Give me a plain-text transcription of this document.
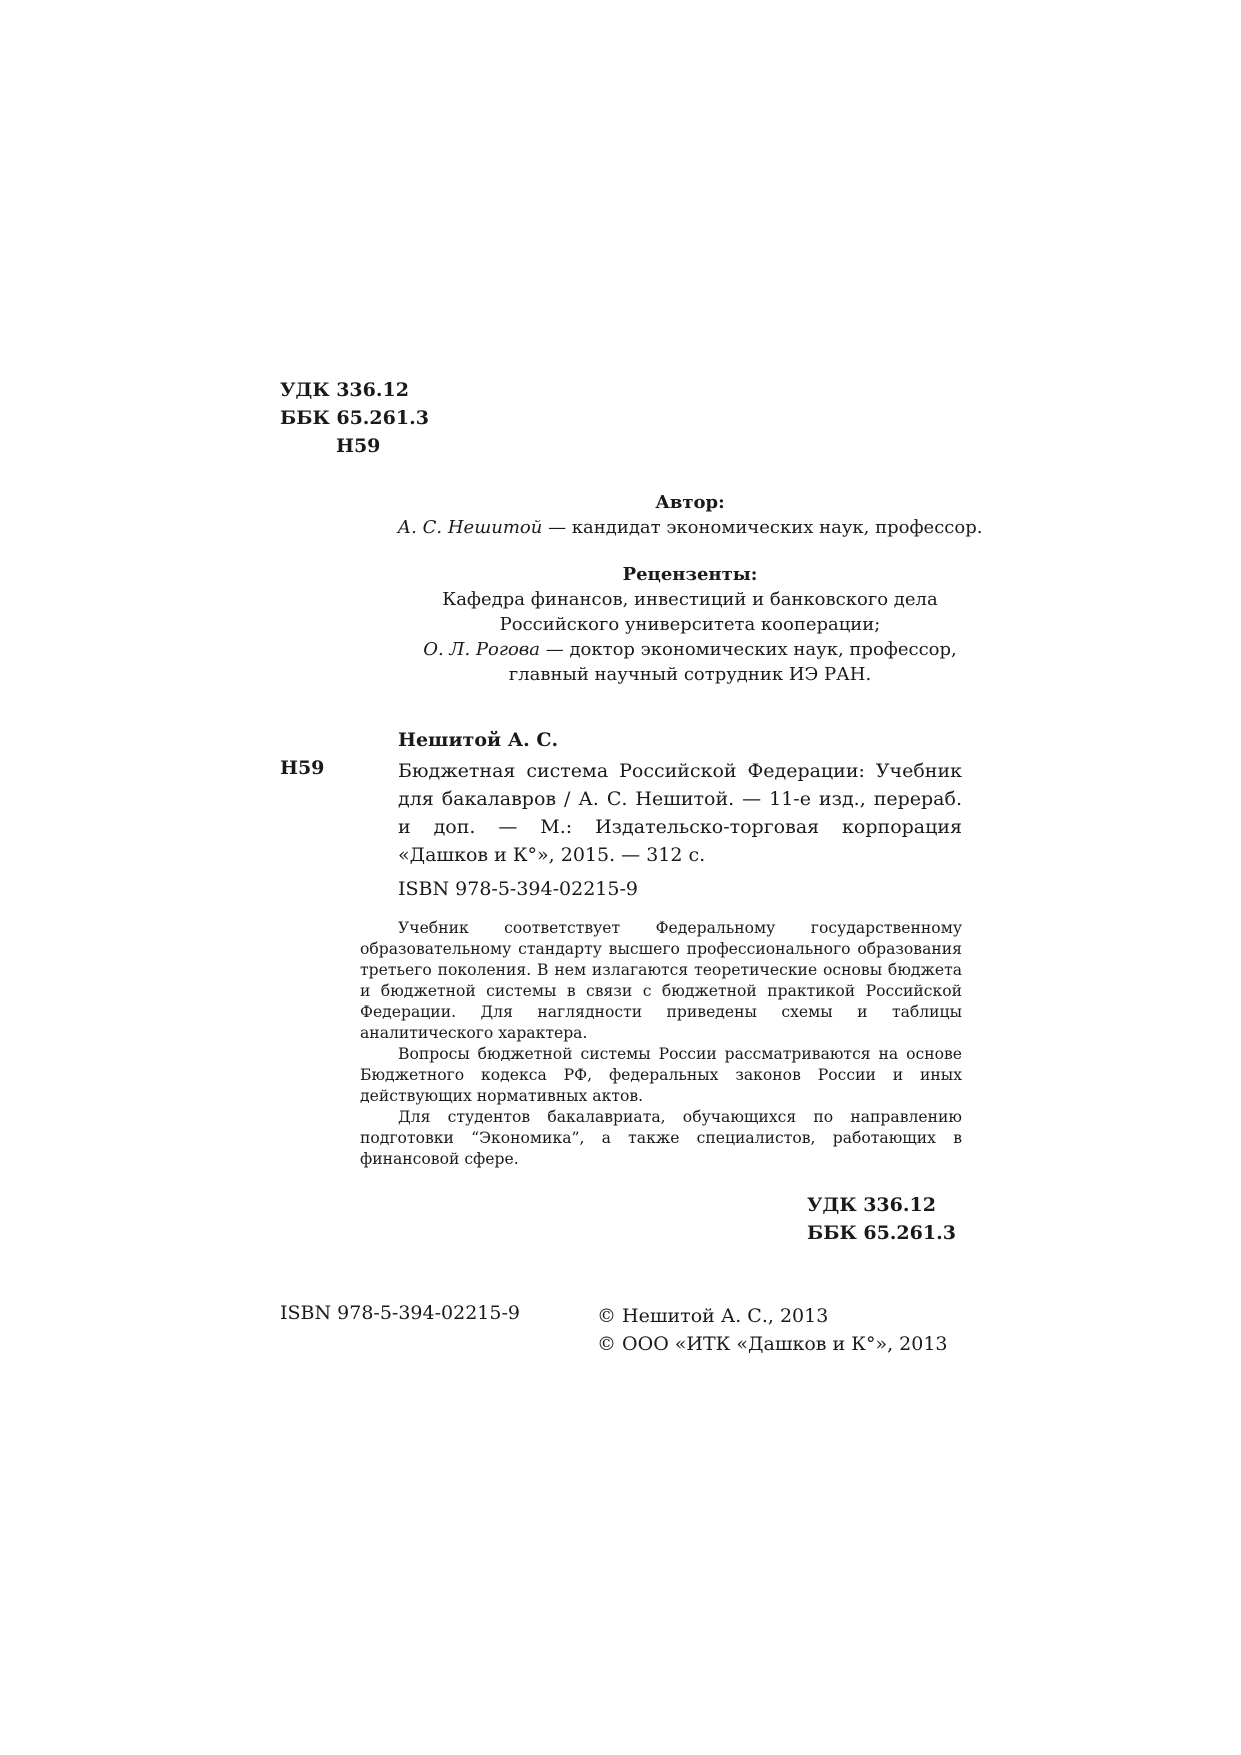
УДК 336.12
ББК 65.261.3
Н59
Автор:
А. С. Нешитой — кандидат экономических наук, профессор.
Рецензенты:
Кафедра финансов, инвестиций и банковского дела
Российского университета кооперации;
О. Л. Рогова — доктор экономических наук, профессор,
главный научный сотрудник ИЭ РАН.
Нешитой А. С.
Н59	Бюджетная система Российской Федерации: Учебник для бакалавров / А. С. Нешитой. — 11-е изд., перераб. и доп. — М.: Издательско-торговая корпорация «Дашков и К°», 2015. — 312 с.
ISBN 978-5-394-02215-9

Учебник соответствует Федеральному государственному образовательному стандарту высшего профессионального образования третьего поколения. В нем излагаются теоретические основы бюджета и бюджетной системы в связи с бюджетной практикой Российской Федерации. Для наглядности приведены схемы и таблицы аналитического характера.

Вопросы бюджетной системы России рассматриваются на основе Бюджетного кодекса РФ, федеральных законов России и иных действующих нормативных актов.

Для студентов бакалавриата, обучающихся по направлению подготовки “Экономика”, а также специалистов, работающих в финансовой сфере.

УДК 336.12
ББК 65.261.3
ISBN 978-5-394-02215-9	© Нешитой А. С., 2013
© ООО «ИТК «Дашков и К°», 2013
